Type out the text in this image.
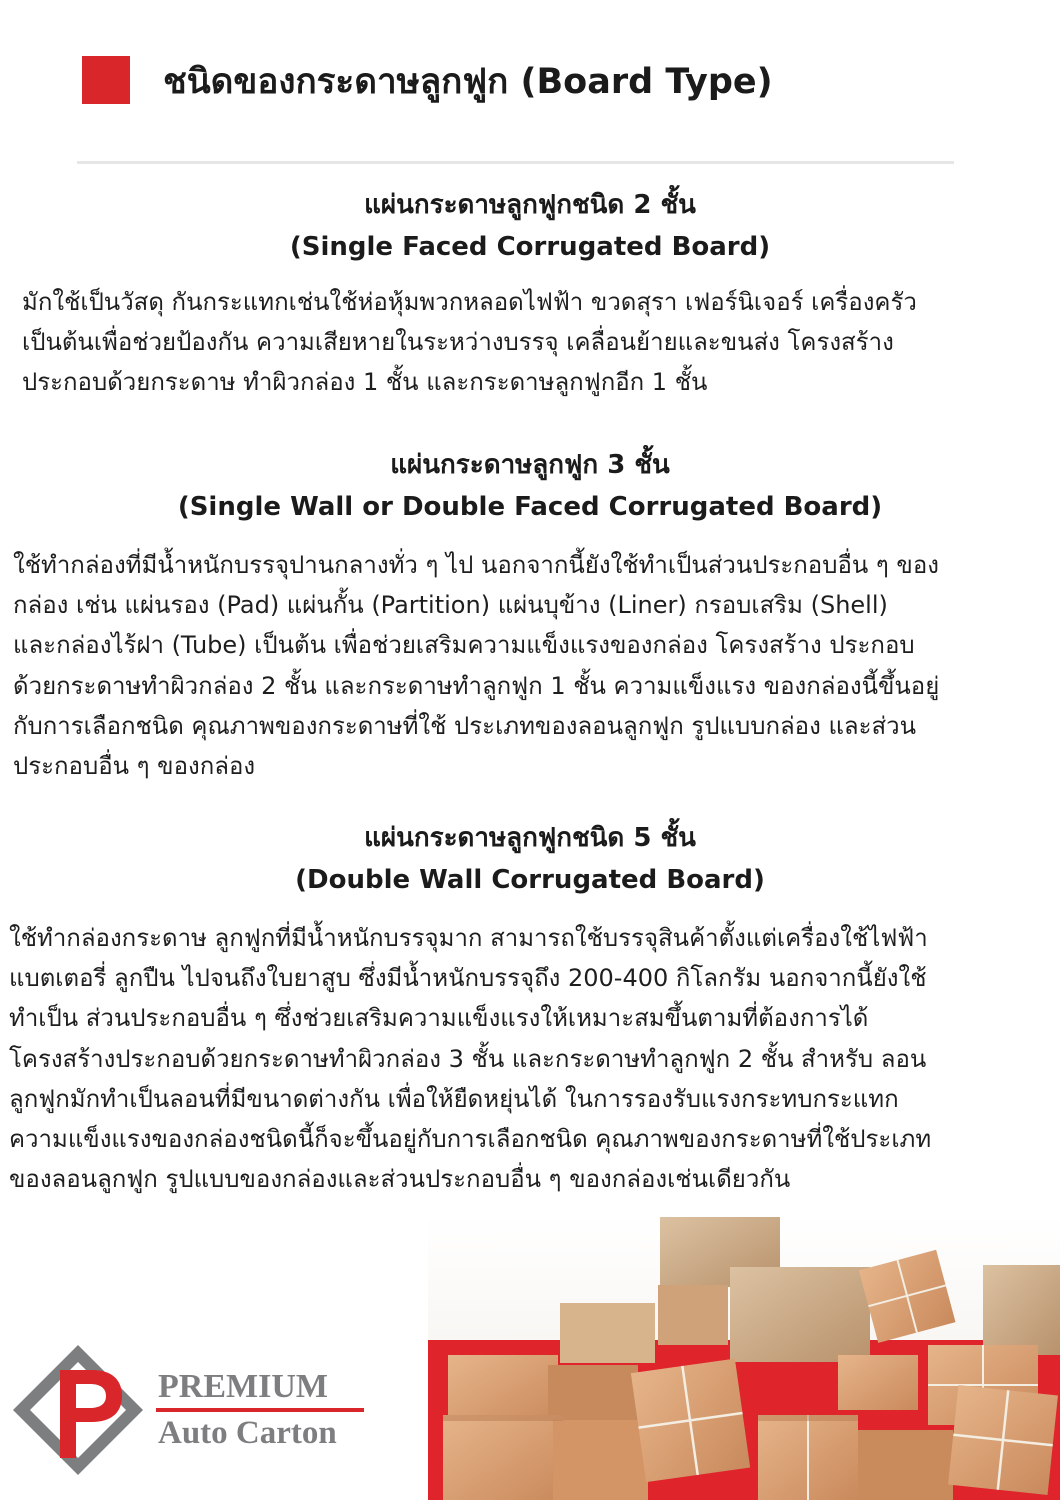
ชนิดของกระดาษลูกฟูก (Board Type)
แผ่นกระดาษลูกฟูกชนิด 2 ชั้น
(Single Faced Corrugated Board)

มักใช้เป็นวัสดุ กันกระแทกเช่นใช้ห่อหุ้มพวกหลอดไฟฟ้า ขวดสุรา เฟอร์นิเจอร์ เครื่องครัว
เป็นต้นเพื่อช่วยป้องกัน ความเสียหายในระหว่างบรรจุ เคลื่อนย้ายและขนส่ง โครงสร้าง
ประกอบด้วยกระดาษ ทำผิวกล่อง 1 ชั้น และกระดาษลูกฟูกอีก 1 ชั้น

แผ่นกระดาษลูกฟูก 3 ชั้น
(Single Wall or Double Faced Corrugated Board)

ใช้ทำกล่องที่มีน้ำหนักบรรจุปานกลางทั่ว ๆ ไป นอกจากนี้ยังใช้ทำเป็นส่วนประกอบอื่น ๆ ของ
กล่อง เช่น แผ่นรอง (Pad) แผ่นกั้น (Partition) แผ่นบุข้าง (Liner) กรอบเสริม (Shell)
และกล่องไร้ฝา (Tube) เป็นต้น เพื่อช่วยเสริมความแข็งแรงของกล่อง โครงสร้าง ประกอบ
ด้วยกระดาษทำผิวกล่อง 2 ชั้น และกระดาษทำลูกฟูก 1 ชั้น ความแข็งแรง ของกล่องนี้ขึ้นอยู่
กับการเลือกชนิด คุณภาพของกระดาษที่ใช้ ประเภทของลอนลูกฟูก รูปแบบกล่อง และส่วน
ประกอบอื่น ๆ ของกล่อง

แผ่นกระดาษลูกฟูกชนิด 5 ชั้น
(Double Wall Corrugated Board)

ใช้ทำกล่องกระดาษ ลูกฟูกที่มีน้ำหนักบรรจุมาก สามารถใช้บรรจุสินค้าตั้งแต่เครื่องใช้ไฟฟ้า
แบตเตอรี่ ลูกปืน ไปจนถึงใบยาสูบ ซึ่งมีน้ำหนักบรรจุถึง 200-400 กิโลกรัม นอกจากนี้ยังใช้
ทำเป็น ส่วนประกอบอื่น ๆ ซึ่งช่วยเสริมความแข็งแรงให้เหมาะสมขึ้นตามที่ต้องการได้
โครงสร้างประกอบด้วยกระดาษทำผิวกล่อง 3 ชั้น และกระดาษทำลูกฟูก 2 ชั้น สำหรับ ลอน
ลูกฟูกมักทำเป็นลอนที่มีขนาดต่างกัน เพื่อให้ยืดหยุ่นได้ ในการรองรับแรงกระทบกระแทก
ความแข็งแรงของกล่องชนิดนี้ก็จะขึ้นอยู่กับการเลือกชนิด คุณภาพของกระดาษที่ใช้ประเภท
ของลอนลูกฟูก รูปแบบของกล่องและส่วนประกอบอื่น ๆ ของกล่องเช่นเดียวกัน

PREMIUM
Auto Carton
